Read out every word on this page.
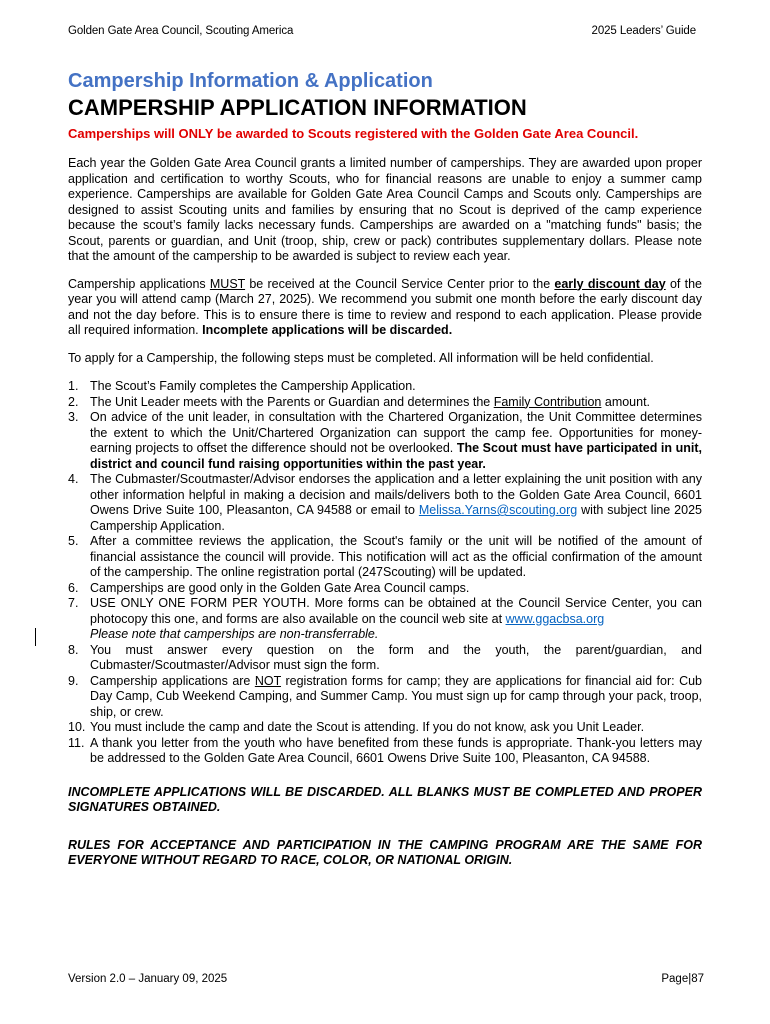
Golden Gate Area Council, Scouting America	2025 Leaders’ Guide
Campership Information & Application
CAMPERSHIP APPLICATION INFORMATION
Camperships will ONLY be awarded to Scouts registered with the Golden Gate Area Council.

Each year the Golden Gate Area Council grants a limited number of camperships. They are awarded upon proper application and certification to worthy Scouts, who for financial reasons are unable to enjoy a summer camp experience. Camperships are available for Golden Gate Area Council Camps and Scouts only. Camperships are designed to assist Scouting units and families by ensuring that no Scout is deprived of the camp experience because the scout’s family lacks necessary funds. Camperships are awarded on a "matching funds" basis; the Scout, parents or guardian, and Unit (troop, ship, crew or pack) contributes supplementary dollars. Please note that the amount of the campership to be awarded is subject to review each year.

Campership applications MUST be received at the Council Service Center prior to the early discount day of the year you will attend camp (March 27, 2025). We recommend you submit one month before the early discount day and not the day before. This is to ensure there is time to review and respond to each application. Please provide all required information. Incomplete applications will be discarded.

To apply for a Campership, the following steps must be completed. All information will be held confidential.

1. The Scout’s Family completes the Campership Application.
2. The Unit Leader meets with the Parents or Guardian and determines the Family Contribution amount.
3. On advice of the unit leader, in consultation with the Chartered Organization, the Unit Committee determines the extent to which the Unit/Chartered Organization can support the camp fee. Opportunities for money-earning projects to offset the difference should not be overlooked. The Scout must have participated in unit, district and council fund raising opportunities within the past year.
4. The Cubmaster/Scoutmaster/Advisor endorses the application and a letter explaining the unit position with any other information helpful in making a decision and mails/delivers both to the Golden Gate Area Council, 6601 Owens Drive Suite 100, Pleasanton, CA 94588 or email to Melissa.Yarns@scouting.org with subject line 2025 Campership Application.
5. After a committee reviews the application, the Scout's family or the unit will be notified of the amount of financial assistance the council will provide. This notification will act as the official confirmation of the amount of the campership. The online registration portal (247Scouting) will be updated.
6. Camperships are good only in the Golden Gate Area Council camps.
7. USE ONLY ONE FORM PER YOUTH. More forms can be obtained at the Council Service Center, you can photocopy this one, and forms are also available on the council web site at www.ggacbsa.org
Please note that camperships are non-transferrable.
8. You must answer every question on the form and the youth, the parent/guardian, and Cubmaster/Scoutmaster/Advisor must sign the form.
9. Campership applications are NOT registration forms for camp; they are applications for financial aid for: Cub Day Camp, Cub Weekend Camping, and Summer Camp. You must sign up for camp through your pack, troop, ship, or crew.
10. You must include the camp and date the Scout is attending. If you do not know, ask you Unit Leader.
11. A thank you letter from the youth who have benefited from these funds is appropriate. Thank-you letters may be addressed to the Golden Gate Area Council, 6601 Owens Drive Suite 100, Pleasanton, CA 94588.
INCOMPLETE APPLICATIONS WILL BE DISCARDED. ALL BLANKS MUST BE COMPLETED AND PROPER SIGNATURES OBTAINED.
RULES FOR ACCEPTANCE AND PARTICIPATION IN THE CAMPING PROGRAM ARE THE SAME FOR EVERYONE WITHOUT REGARD TO RACE, COLOR, OR NATIONAL ORIGIN.
Version 2.0 – January 09, 2025	Page|87
